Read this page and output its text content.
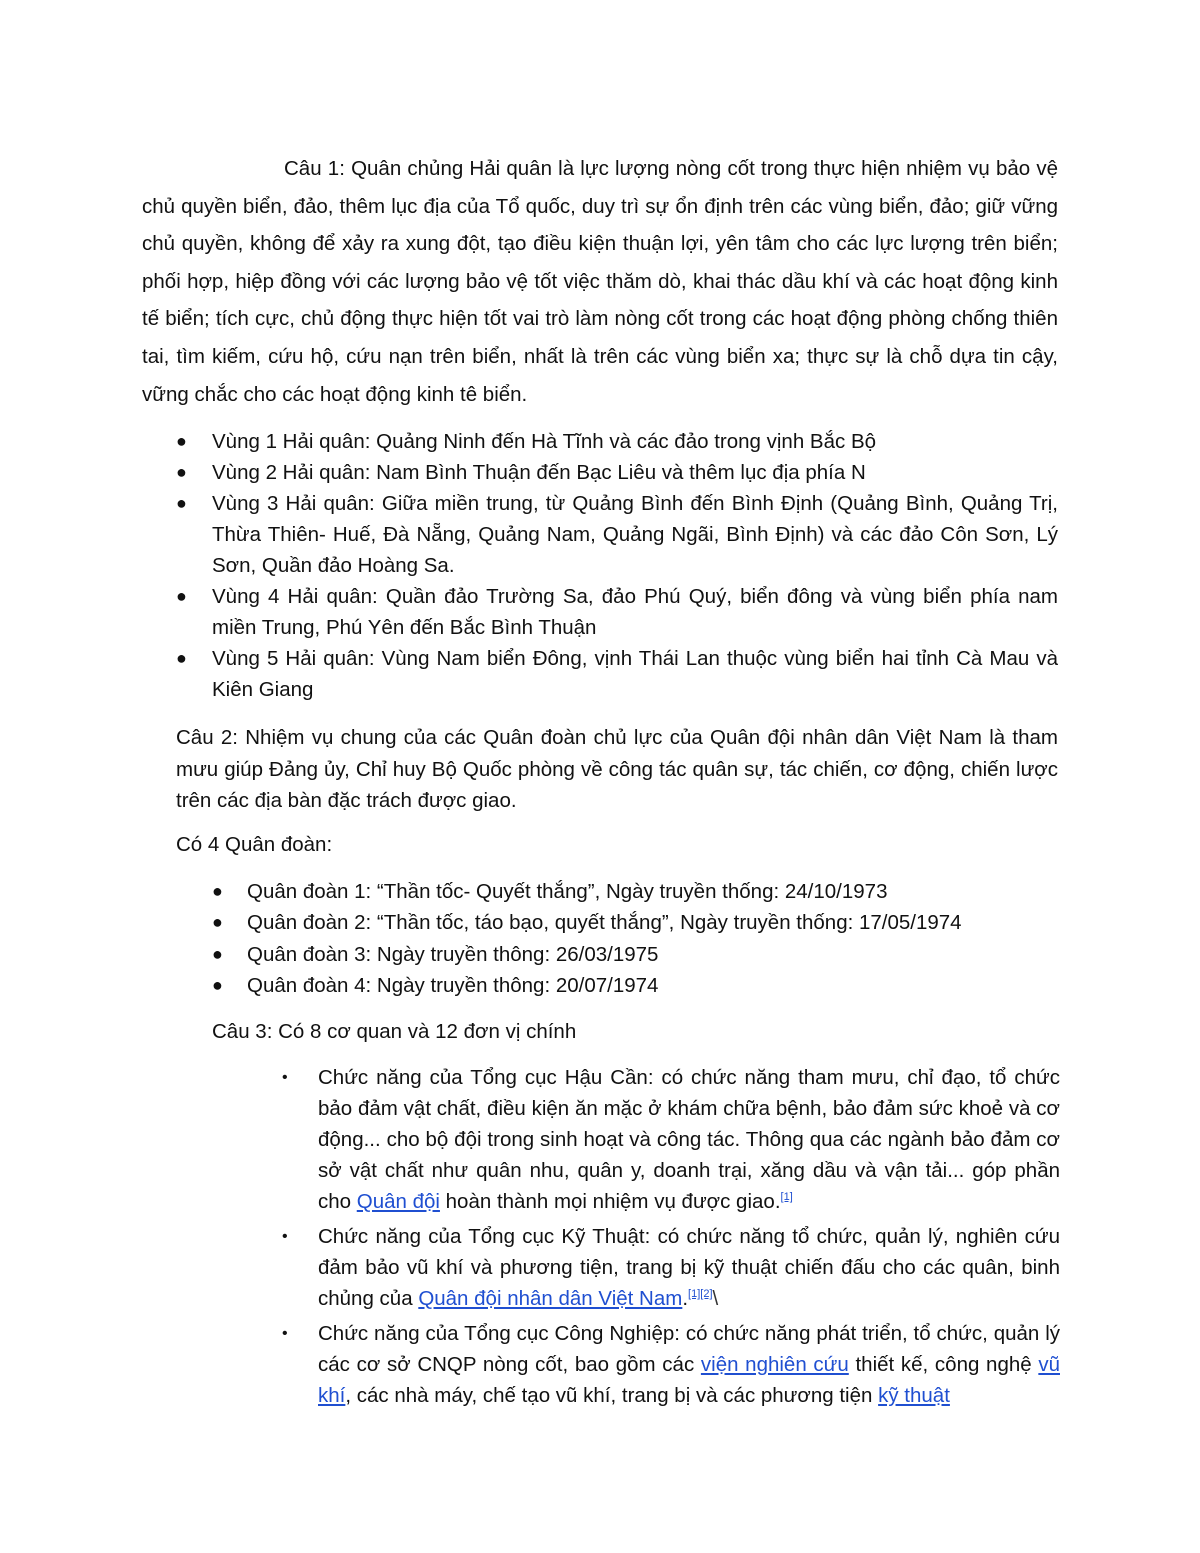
Câu 1: Quân chủng Hải quân là lực lượng nòng cốt trong thực hiện nhiệm vụ bảo vệ chủ quyền biển, đảo, thêm lục địa của Tổ quốc, duy trì sự ổn định trên các vùng biển, đảo; giữ vững chủ quyền, không để xảy ra xung đột, tạo điều kiện thuận lợi, yên tâm cho các lực lượng trên biển; phối hợp, hiệp đồng với các lượng bảo vệ tốt việc thăm dò, khai thác dầu khí và các hoạt động kinh tế biển; tích cực, chủ động thực hiện tốt vai trò làm nòng cốt trong các hoạt động phòng chống thiên tai, tìm kiếm, cứu hộ, cứu nạn trên biển, nhất là trên các vùng biển xa; thực sự là chỗ dựa tin cậy, vững chắc cho các hoạt động kinh tê biển.

●	Vùng 1 Hải quân: Quảng Ninh đến Hà Tĩnh và các đảo trong vịnh Bắc Bộ
●	Vùng 2 Hải quân: Nam Bình Thuận đến Bạc Liêu và thêm lục địa phía N
●	Vùng 3 Hải quân: Giữa miền trung, từ Quảng Bình đến Bình Định (Quảng Bình, Quảng Trị, Thừa Thiên- Huế, Đà Nẵng, Quảng Nam, Quảng Ngãi, Bình Định) và các đảo Côn Sơn, Lý Sơn, Quần đảo Hoàng Sa.
●	Vùng 4 Hải quân: Quần đảo Trường Sa, đảo Phú Quý, biển đông và vùng biển phía nam miền Trung, Phú Yên đến Bắc Bình Thuận
●	Vùng 5 Hải quân: Vùng Nam biển Đông, vịnh Thái Lan thuộc vùng biển hai tỉnh Cà Mau và Kiên Giang

Câu 2: Nhiệm vụ chung của các Quân đoàn chủ lực của Quân đội nhân dân Việt Nam là tham mưu giúp Đảng ủy, Chỉ huy Bộ Quốc phòng về công tác quân sự, tác chiến, cơ động, chiến lược trên các địa bàn đặc trách được giao.

Có 4 Quân đoàn:

●	Quân đoàn 1: “Thần tốc- Quyết thắng”, Ngày truyền thống: 24/10/1973
●	Quân đoàn 2: “Thần tốc, táo bạo, quyết thắng”, Ngày truyền thống: 17/05/1974
●	Quân đoàn 3: Ngày truyền thông: 26/03/1975
●	Quân đoàn 4: Ngày truyền thông: 20/07/1974

Câu 3: Có 8 cơ quan và 12 đơn vị chính

•	Chức năng của Tổng cục Hậu Cần: có chức năng tham mưu, chỉ đạo, tổ chức bảo đảm vật chất, điều kiện ăn mặc ở khám chữa bệnh, bảo đảm sức khoẻ và cơ động... cho bộ đội trong sinh hoạt và công tác. Thông qua các ngành bảo đảm cơ sở vật chất như quân nhu, quân y, doanh trại, xăng dầu và vận tải... góp phần cho Quân đội hoàn thành mọi nhiệm vụ được giao.[1]
•	Chức năng của Tổng cục Kỹ Thuật: có chức năng tổ chức, quản lý, nghiên cứu đảm bảo vũ khí và phương tiện, trang bị kỹ thuật chiến đấu cho các quân, binh chủng của Quân đội nhân dân Việt Nam.[1][2]\
•	Chức năng của Tổng cục Công Nghiệp: có chức năng phát triển, tổ chức, quản lý các cơ sở CNQP nòng cốt, bao gồm các viện nghiên cứu thiết kế, công nghệ vũ khí, các nhà máy, chế tạo vũ khí, trang bị và các phương tiện kỹ thuật
